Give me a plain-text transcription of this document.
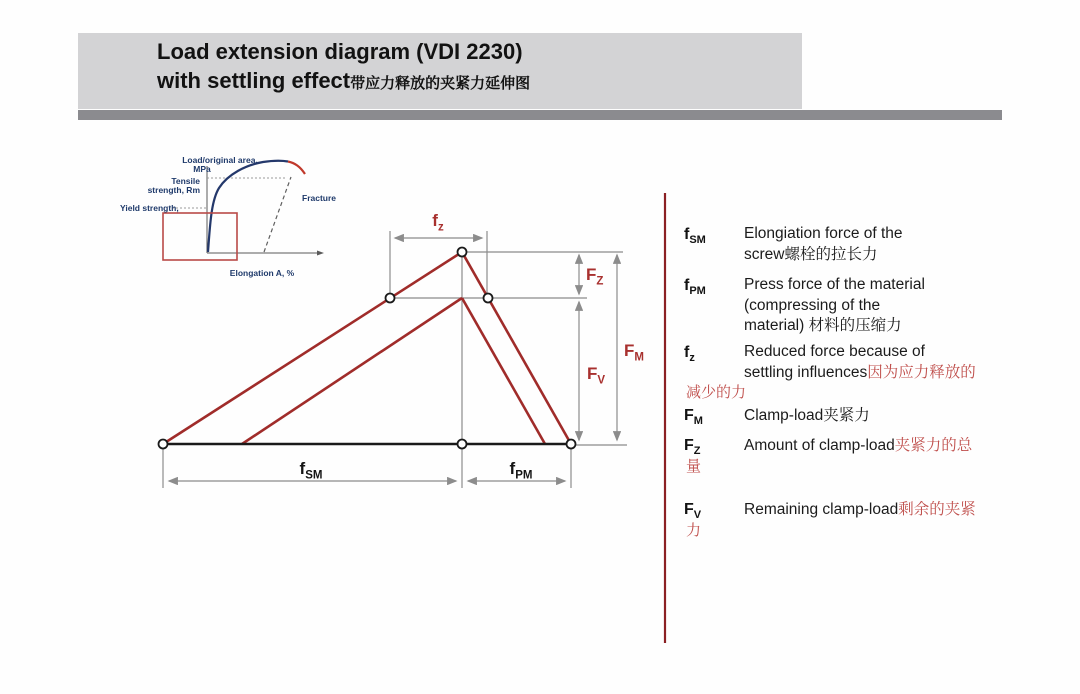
Load extension diagram (VDI 2230)
with settling effect带应力释放的夹紧力延伸图
Load/original area,
MPa
Tensile
strength, Rm
Yield strength,
Fracture
Elongation A, %
$f_z$
$F_Z$
$F_V$
$F_M$
$f_{SM}$	$f_{PM}$
$f_{SM}$ Elongiation force of the
screw螺栓的拉长力
$f_{PM}$ Press force of the material
(compressing of the
material) 材料的压缩力
$f_z$	Reduced force because of
settling influences因为应力释放的
减少的力
$F_M$	Clamp-load夹紧力
$F_Z$	Amount of clamp-load夹紧力的总
量
$F_V$	Remaining clamp-load剩余的夹紧
力
